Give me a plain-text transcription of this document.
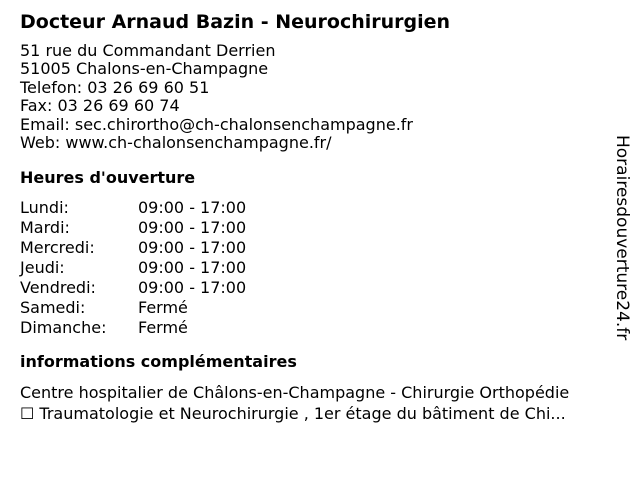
Docteur Arnaud Bazin - Neurochirurgien
51 rue du Commandant Derrien
51005 Chalons-en-Champagne
Telefon: 03 26 69 60 51
Fax: 03 26 69 60 74
Email: sec.chirortho@ch-chalonsenchampagne.fr
Web: www.ch-chalonsenchampagne.fr/
Heures d'ouverture
Lundi:	09:00 - 17:00
Mardi:	09:00 - 17:00
Mercredi:	09:00 - 17:00
Jeudi:	09:00 - 17:00
Vendredi:	09:00 - 17:00
Samedi:	Fermé
Dimanche:	Fermé
informations complémentaires
Centre hospitalier de Châlons-en-Champagne - Chirurgie Orthopédie
☐ Traumatologie et Neurochirurgie , 1er étage du bâtiment de Chi...
Horairesdouverture24.fr
